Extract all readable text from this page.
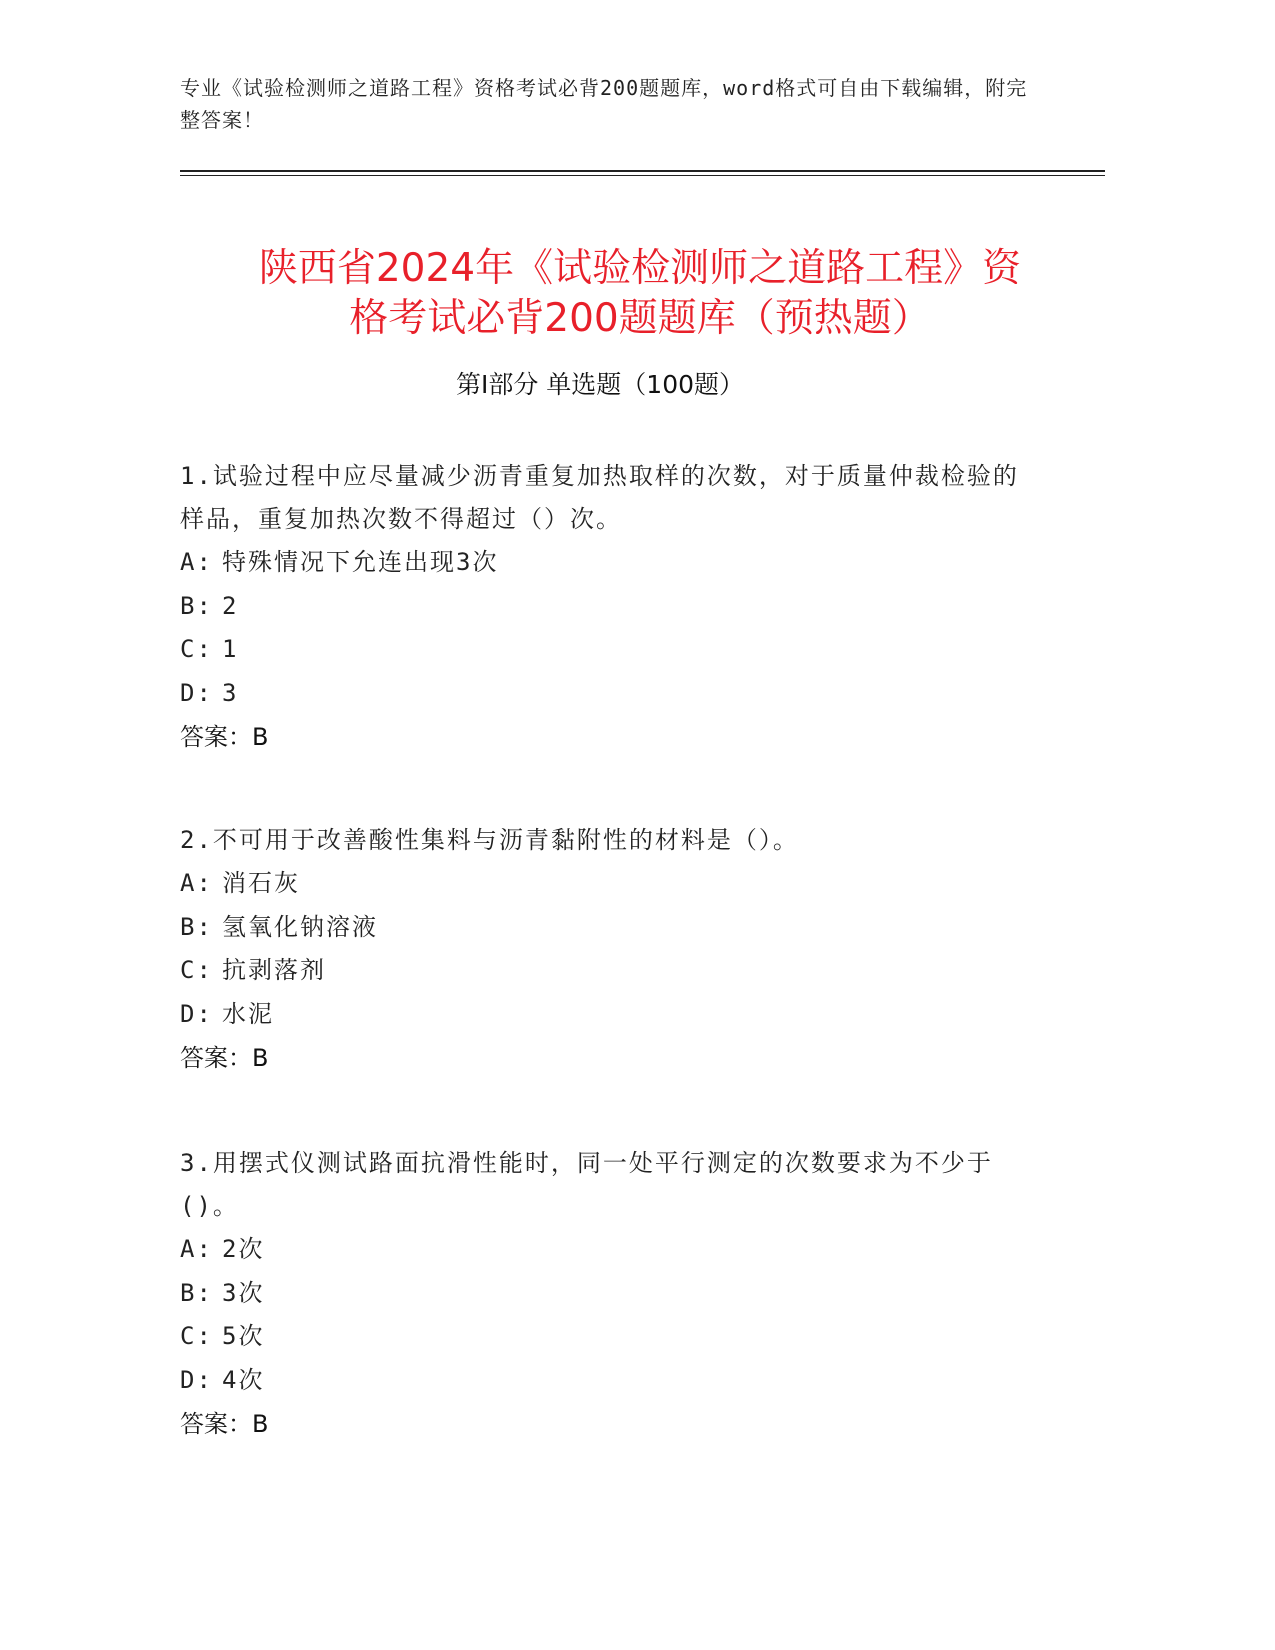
专业《试验检测师之道路工程》资格考试必背200题题库，word格式可自由下载编辑，附完整答案！
陕西省2024年《试验检测师之道路工程》资
格考试必背200题题库（预热题）
第I部分 单选题（100题）

1.试验过程中应尽量减少沥青重复加热取样的次数，对于质量仲裁检验的样品，重复加热次数不得超过（）次。

A: 特殊情况下允连出现3次
B: 2
C: 1
D: 3
答案：B

2.不可用于改善酸性集料与沥青黏附性的材料是（）。

A: 消石灰
B: 氢氧化钠溶液
C: 抗剥落剂
D: 水泥
答案：B

3.用摆式仪测试路面抗滑性能时，同一处平行测定的次数要求为不少于()。

A: 2次
B: 3次
C: 5次
D: 4次
答案：B
